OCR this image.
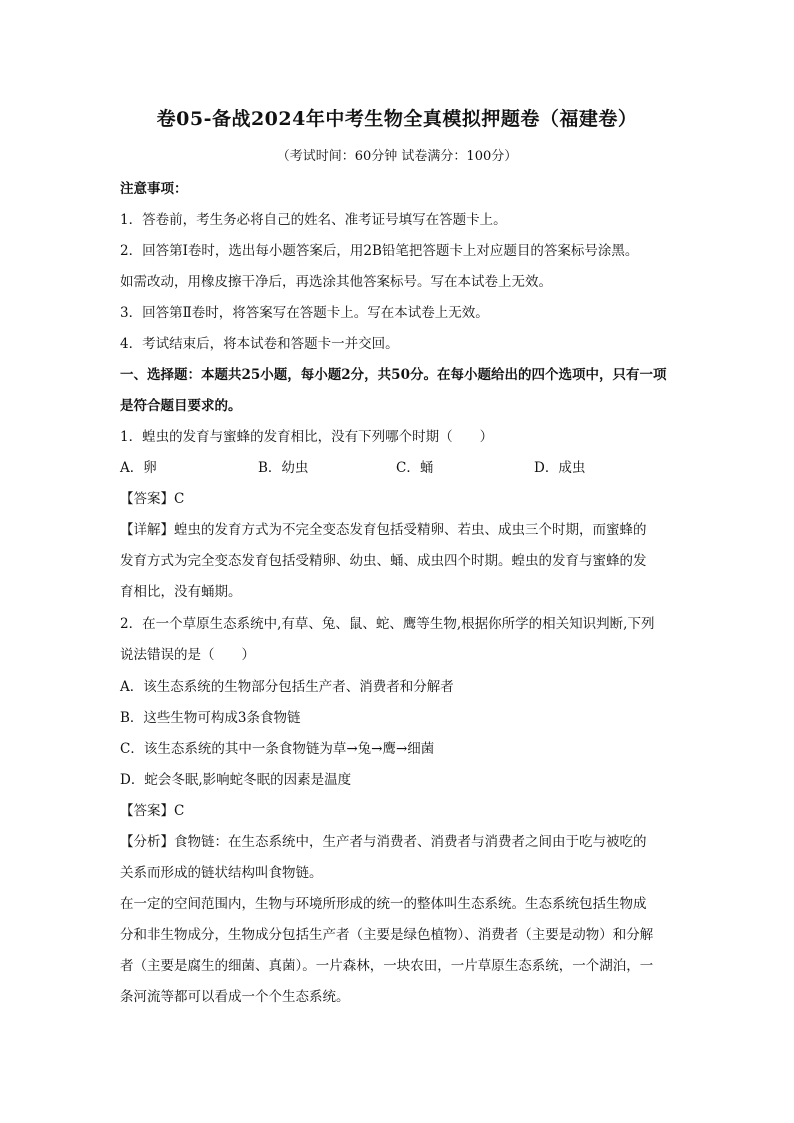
卷05-备战2024年中考生物全真模拟押题卷（福建卷）
（考试时间：60分钟 试卷满分：100分）
注意事项：
1．答卷前，考生务必将自己的姓名、准考证号填写在答题卡上。
2．回答第Ⅰ卷时，选出每小题答案后，用2B铅笔把答题卡上对应题目的答案标号涂黑。
如需改动，用橡皮擦干净后，再选涂其他答案标号。写在本试卷上无效。
3．回答第Ⅱ卷时，将答案写在答题卡上。写在本试卷上无效。
4．考试结束后，将本试卷和答题卡一并交回。
一、选择题：本题共25小题，每小题2分，共50分。在每小题给出的四个选项中，只有一项
是符合题目要求的。
1．蝗虫的发育与蜜蜂的发育相比，没有下列哪个时期（　　）
A．卵	B．幼虫	C．蛹	D．成虫
【答案】C
【详解】蝗虫的发育方式为不完全变态发育包括受精卵、若虫、成虫三个时期，而蜜蜂的
发育方式为完全变态发育包括受精卵、幼虫、蛹、成虫四个时期。蝗虫的发育与蜜蜂的发
育相比，没有蛹期。
2．在一个草原生态系统中,有草、兔、鼠、蛇、鹰等生物,根据你所学的相关知识判断,下列
说法错误的是（　　）
A．该生态系统的生物部分包括生产者、消费者和分解者
B．这些生物可构成3条食物链
C．该生态系统的其中一条食物链为草→兔→鹰→细菌
D．蛇会冬眠,影响蛇冬眠的因素是温度
【答案】C
【分析】食物链：在生态系统中，生产者与消费者、消费者与消费者之间由于吃与被吃的
关系而形成的链状结构叫食物链。
在一定的空间范围内，生物与环境所形成的统一的整体叫生态系统。生态系统包括生物成
分和非生物成分，生物成分包括生产者（主要是绿色植物）、消费者（主要是动物）和分解
者（主要是腐生的细菌、真菌）。一片森林，一块农田，一片草原生态系统，一个湖泊，一
条河流等都可以看成一个个生态系统。
